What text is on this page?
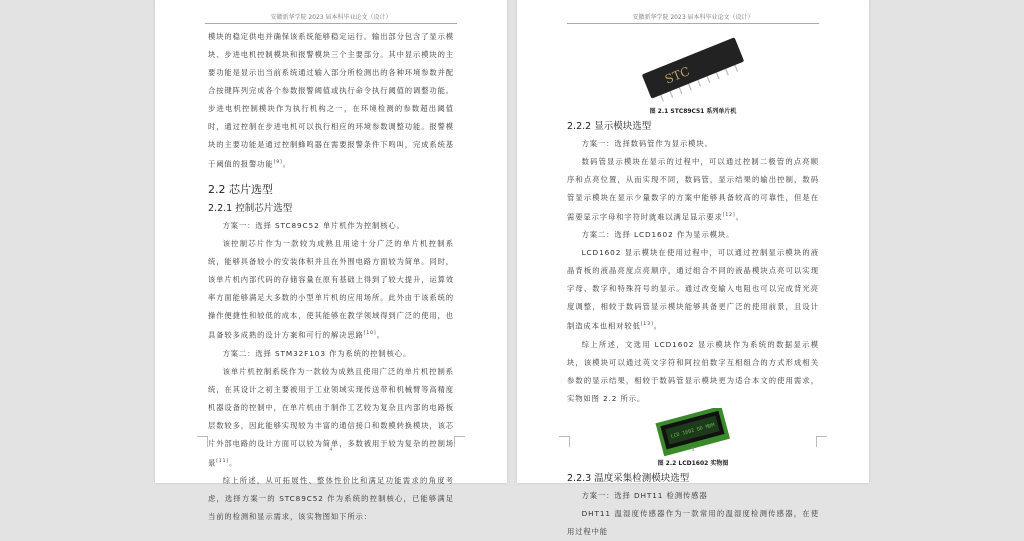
安徽新华学院 2023 届本科毕业论文（设计）

模块的稳定供电并确保该系统能够稳定运行。输出部分包含了显示模块、步进电机控制模块和报警模块三个主要部分。其中显示模块的主要功能是显示出当前系统通过输入部分所检测出的各种环境参数并配合按键阵列完成各个参数报警阈值或执行命令执行阈值的调整功能。步进电机控制模块作为执行机构之一，在环境检测的参数超出阈值时，通过控制在步进电机可以执行相应的环境参数调整功能。报警模块的主要功能是通过控制蜂鸣器在需要报警条件下鸣叫，完成系统基于阈值的报警功能[9]。

2.2 芯片选型
2.2.1 控制芯片选型

方案一：选择 STC89C52 单片机作为控制核心。

该控制芯片作为一款较为成熟且用途十分广泛的单片机控制系统，能够具备较小的安装体积并且在外围电路方面较为简单。同时，该单片机内部代码的存储容量在原有基础上得到了较大提升，运算效率方面能够满足大多数的小型单片机的应用场所。此外由于该系统的操作便捷性和较低的成本，使其能够在教学领域得到广泛的使用，也具备较多成熟的设计方案和可行的解决思路[10]。

方案二：选择 STM32F103 作为系统的控制核心。

该单片机控制系统作为一款较为成熟且使用广泛的单片机控制系统，在其设计之初主要被用于工业领域实现传送带和机械臂等高精度机器设备的控制中，在单片机由于制作工艺较为复杂且内部的电路板层数较多，因此能够实现较为丰富的通信接口和数模转换模块，该芯片外部电路的设计方面可以较为简单，多数被用于较为复杂的控制场景[11]。

综上所述，从可拓展性、整体性价比和满足功能需求的角度考虑，选择方案一的 STC89C52 作为系统的控制核心，已能够满足当前的检测和显示需求，该实物图如下所示：

4
安徽新华学院 2023 届本科毕业论文（设计）
STC
图 2.1 STC89C51 系列单片机
2.2.2 显示模块选型

方案一：选择数码管作为显示模块。

数码管显示模块在显示的过程中，可以通过控制二极管的点亮顺序和点亮位置，从而实现不同，数码管，显示结果的输出控制，数码管显示模块在显示少量数字的方案中能够具备较高的可靠性，但是在需要显示字母和字符时就难以满足显示要求[12]。

方案二：选择 LCD1602 作为显示模块。

LCD1602 显示模块在使用过程中，可以通过控制显示模块的液晶背板的液晶亮度点亮顺序，通过组合不同的液晶模块点亮可以实现字母、数字和特殊符号的显示。通过改变输入电阻也可以完成背光亮度调整，相较于数码管显示模块能够具备更广泛的使用前景，且设计制造成本也相对较低[13]。

综上所述，文选用 LCD1602 显示模块作为系统的数据显示模块，该模块可以通过英文字符和阿拉伯数字互相组合的方式形成相关参数的显示结果，相较于数码管显示模块更为适合本文的使用需求，实物如图 2.2 所示。

LCD 1602 DD MDM
图 2.2 LCD1602 实物图
2.2.3 温度采集检测模块选型

方案一：选择 DHT11 检测传感器

DHT11 温湿度传感器作为一款常用的温湿度检测传感器，在使用过程中能

5
